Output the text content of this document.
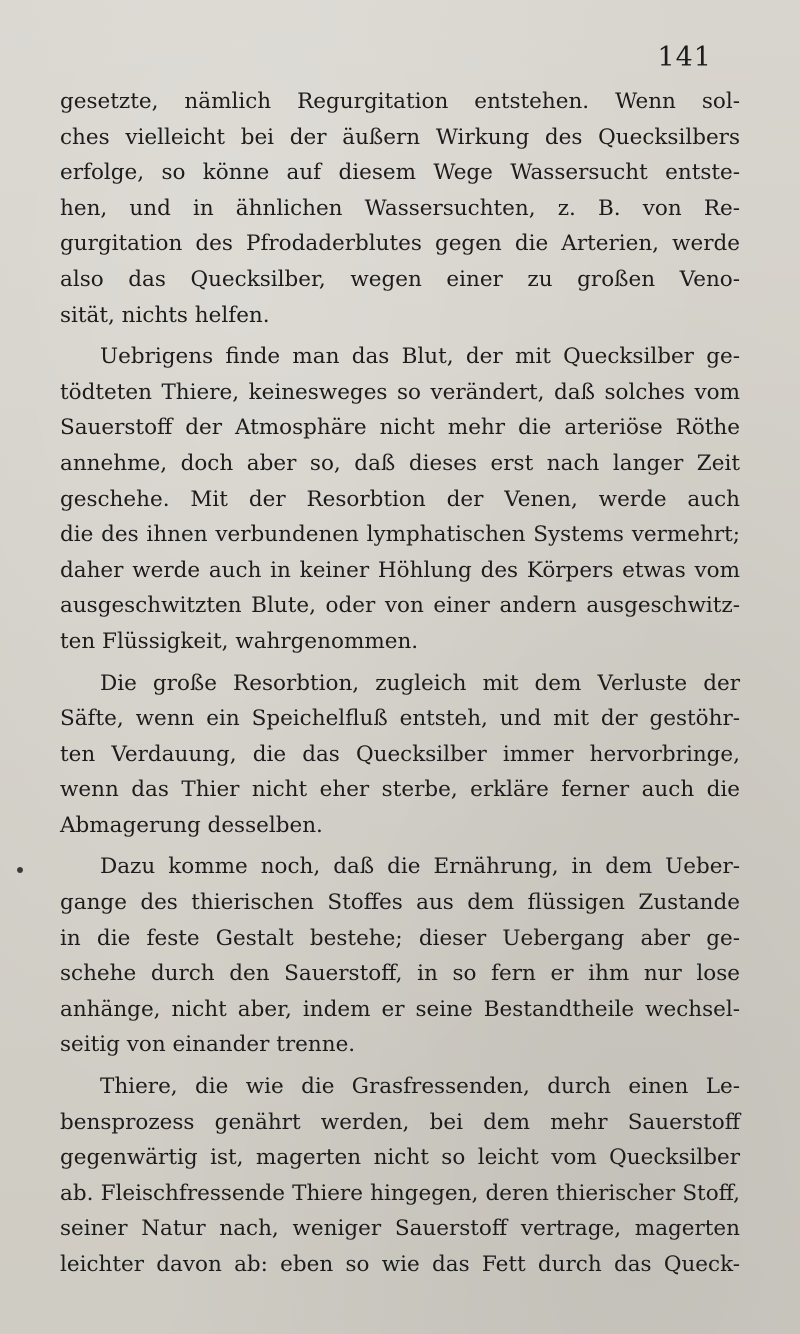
141
gesetzte, nämlich Regurgitation entstehen. Wenn sol-
ches vielleicht bei der äußern Wirkung des Quecksilbers
erfolge, so könne auf diesem Wege Wassersucht entste-
hen, und in ähnlichen Wassersuchten, z. B. von Re-
gurgitation des Pfrodaderblutes gegen die Arterien, werde
also das Quecksilber, wegen einer zu großen Veno-
sität, nichts helfen.
Uebrigens finde man das Blut, der mit Quecksilber ge-
tödteten Thiere, keinesweges so verändert, daß solches vom
Sauerstoff der Atmosphäre nicht mehr die arteriöse Röthe
annehme, doch aber so, daß dieses erst nach langer Zeit
geschehe. Mit der Resorbtion der Venen, werde auch
die des ihnen verbundenen lymphatischen Systems vermehrt;
daher werde auch in keiner Höhlung des Körpers etwas vom
ausgeschwitzten Blute, oder von einer andern ausgeschwitz-
ten Flüssigkeit, wahrgenommen.
Die große Resorbtion, zugleich mit dem Verluste der
Säfte, wenn ein Speichelfluß entsteh, und mit der gestöhr-
ten Verdauung, die das Quecksilber immer hervorbringe,
wenn das Thier nicht eher sterbe, erkläre ferner auch die
Abmagerung desselben.
Dazu komme noch, daß die Ernährung, in dem Ueber-
gange des thierischen Stoffes aus dem flüssigen Zustande
in die feste Gestalt bestehe; dieser Uebergang aber ge-
schehe durch den Sauerstoff, in so fern er ihm nur lose
anhänge, nicht aber, indem er seine Bestandtheile wechsel-
seitig von einander trenne.
Thiere, die wie die Grasfressenden, durch einen Le-
bensprozess genährt werden, bei dem mehr Sauerstoff
gegenwärtig ist, magerten nicht so leicht vom Quecksilber
ab. Fleischfressende Thiere hingegen, deren thierischer Stoff,
seiner Natur nach, weniger Sauerstoff vertrage, magerten
leichter davon ab: eben so wie das Fett durch das Queck-
